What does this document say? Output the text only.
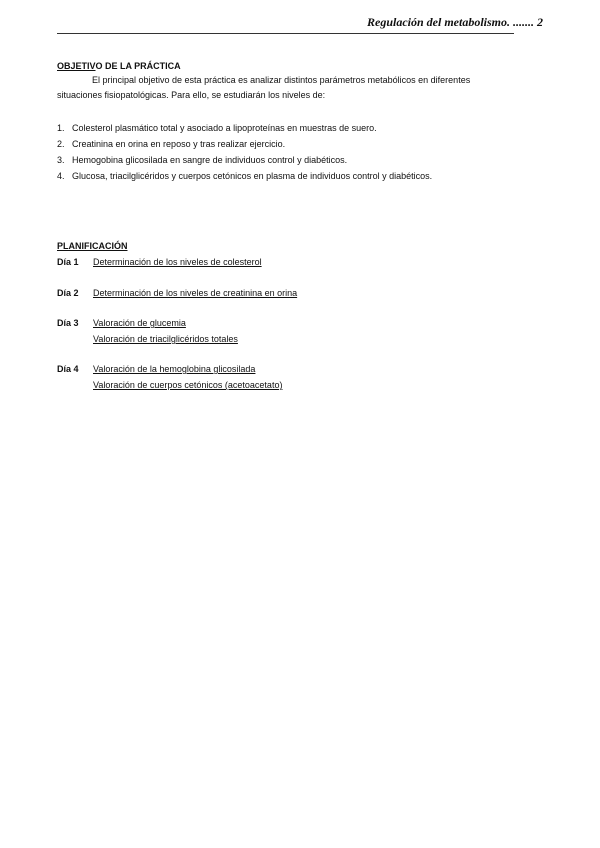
Regulación del metabolismo. ....... 2
OBJETIVO DE LA PRÁCTICA

El principal objetivo de esta práctica es analizar distintos parámetros metabólicos en diferentes
situaciones fisiopatológicas. Para ello, se estudiarán los niveles de:

1. Colesterol plasmático total y asociado a lipoproteínas en muestras de suero.
2. Creatinina en orina en reposo y tras realizar ejercicio.
3. Hemogobina glicosilada en sangre de individuos control y diabéticos.
4. Glucosa, triacilglicéridos y cuerpos cetónicos en plasma de individuos control y diabéticos.
PLANIFICACIÓN
Día 1	Determinación de los niveles de colesterol
Día 2	Determinación de los niveles de creatinina en orina
Día 3	Valoración de glucemia
Valoración de triacilglicéridos totales
Día 4	Valoración de la hemoglobina glicosilada
Valoración de cuerpos cetónicos (acetoacetato)
